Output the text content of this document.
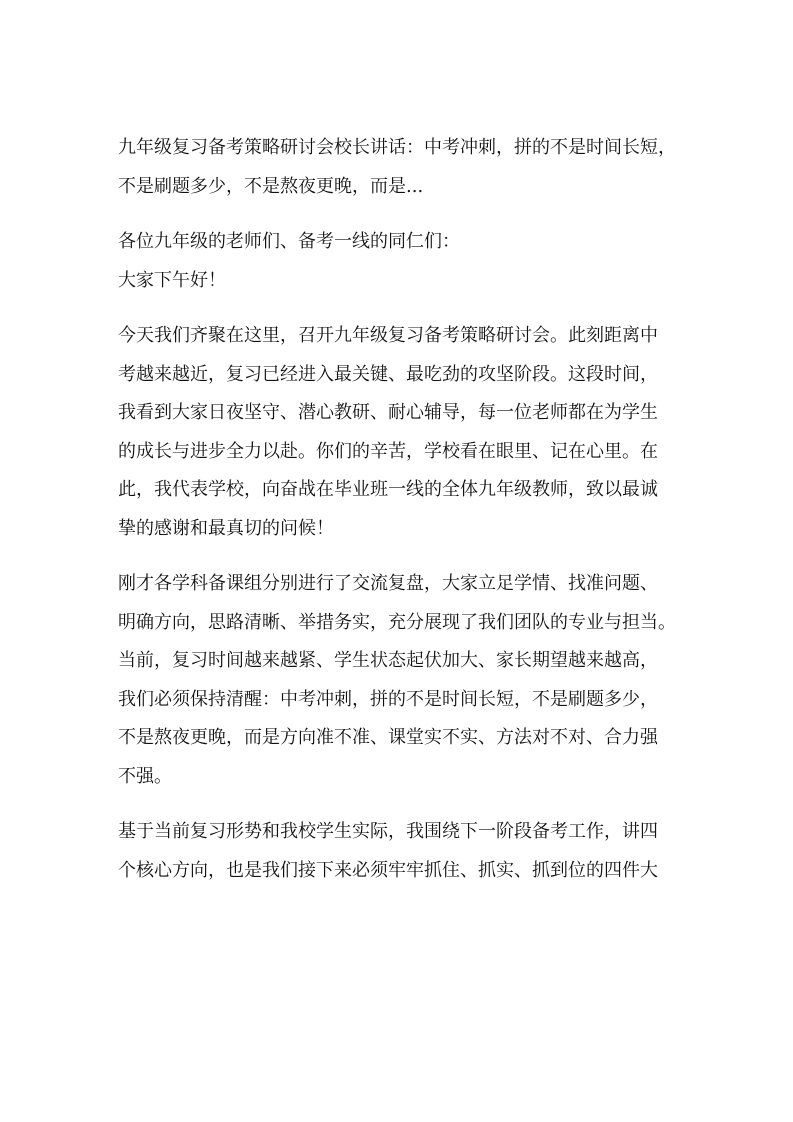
九年级复习备考策略研讨会校长讲话：中考冲刺，拼的不是时间长短，
不是刷题多少，不是熬夜更晚，而是...
各位九年级的老师们、备考一线的同仁们：
大家下午好！
今天我们齐聚在这里，召开九年级复习备考策略研讨会。此刻距离中
考越来越近，复习已经进入最关键、最吃劲的攻坚阶段。这段时间，
我看到大家日夜坚守、潜心教研、耐心辅导，每一位老师都在为学生
的成长与进步全力以赴。你们的辛苦，学校看在眼里、记在心里。在
此，我代表学校，向奋战在毕业班一线的全体九年级教师，致以最诚
挚的感谢和最真切的问候！
刚才各学科备课组分别进行了交流复盘，大家立足学情、找准问题、
明确方向，思路清晰、举措务实，充分展现了我们团队的专业与担当。
当前，复习时间越来越紧、学生状态起伏加大、家长期望越来越高，
我们必须保持清醒：中考冲刺，拼的不是时间长短，不是刷题多少，
不是熬夜更晚，而是方向准不准、课堂实不实、方法对不对、合力强
不强。
基于当前复习形势和我校学生实际，我围绕下一阶段备考工作，讲四
个核心方向，也是我们接下来必须牢牢抓住、抓实、抓到位的四件大
